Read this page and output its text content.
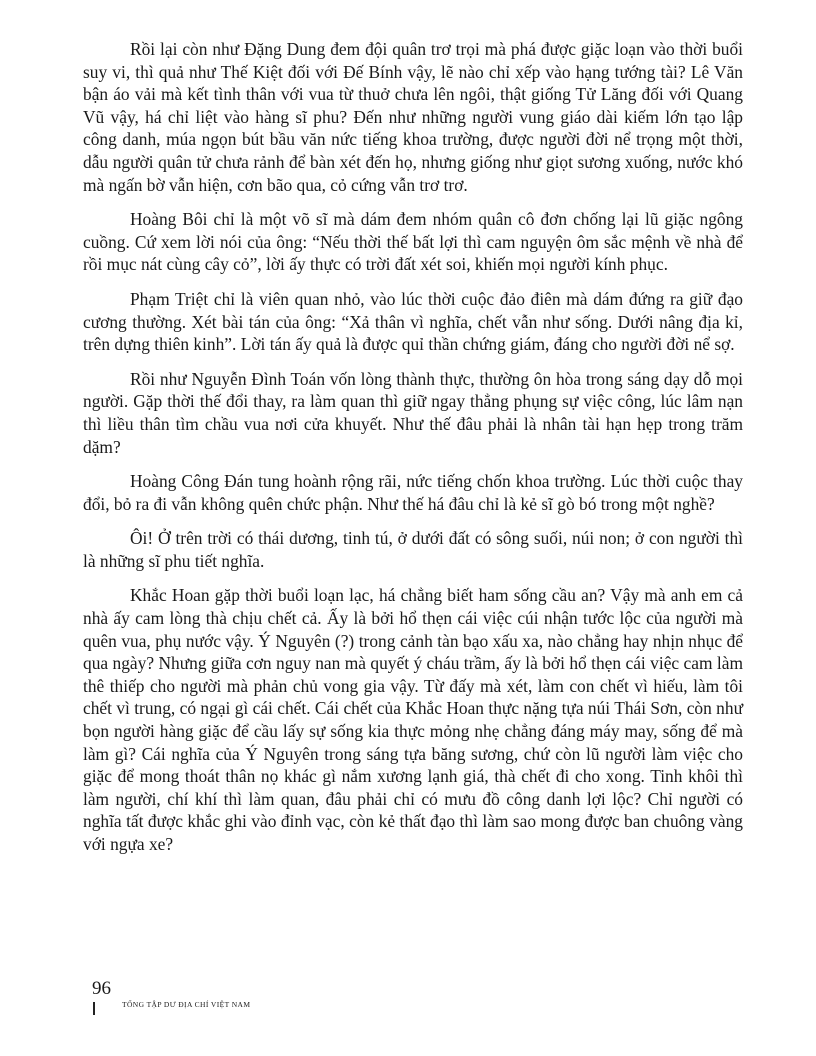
Rồi lại còn như Đặng Dung đem đội quân trơ trọi mà phá được giặc loạn vào thời buổi suy vi, thì quả như Thế Kiệt đối với Đế Bính vậy, lẽ nào chỉ xếp vào hạng tướng tài? Lê Văn bận áo vải mà kết tình thân với vua từ thuở chưa lên ngôi, thật giống Tử Lăng đối với Quang Vũ vậy, há chỉ liệt vào hàng sĩ phu? Đến như những người vung giáo dài kiếm lớn tạo lập công danh, múa ngọn bút bầu văn nức tiếng khoa trường, được người đời nể trọng một thời, dẫu người quân tử chưa rảnh để bàn xét đến họ, nhưng giống như giọt sương xuống, nước khó mà ngấn bờ vẫn hiện, cơn bão qua, cỏ cứng vẫn trơ trơ.

Hoàng Bôi chỉ là một võ sĩ mà dám đem nhóm quân cô đơn chống lại lũ giặc ngông cuồng. Cứ xem lời nói của ông: “Nếu thời thế bất lợi thì cam nguyện ôm sắc mệnh về nhà để rồi mục nát cùng cây cỏ”, lời ấy thực có trời đất xét soi, khiến mọi người kính phục.

Phạm Triệt chỉ là viên quan nhỏ, vào lúc thời cuộc đảo điên mà dám đứng ra giữ đạo cương thường. Xét bài tán của ông: “Xả thân vì nghĩa, chết vẫn như sống. Dưới nâng địa kỉ, trên dựng thiên kinh”. Lời tán ấy quả là được quỉ thần chứng giám, đáng cho người đời nể sợ.

Rồi như Nguyễn Đình Toán vốn lòng thành thực, thường ôn hòa trong sáng dạy dỗ mọi người. Gặp thời thế đổi thay, ra làm quan thì giữ ngay thẳng phụng sự việc công, lúc lâm nạn thì liều thân tìm chầu vua nơi cửa khuyết. Như thế đâu phải là nhân tài hạn hẹp trong trăm dặm?

Hoàng Công Đán tung hoành rộng rãi, nức tiếng chốn khoa trường. Lúc thời cuộc thay đổi, bỏ ra đi vẫn không quên chức phận. Như thế há đâu chỉ là kẻ sĩ gò bó trong một nghề?

Ôi! Ở trên trời có thái dương, tinh tú, ở dưới đất có sông suối, núi non; ở con người thì là những sĩ phu tiết nghĩa.

Khắc Hoan gặp thời buổi loạn lạc, há chẳng biết ham sống cầu an? Vậy mà anh em cả nhà ấy cam lòng thà chịu chết cả. Ấy là bởi hổ thẹn cái việc cúi nhận tước lộc của người mà quên vua, phụ nước vậy. Ý Nguyên (?) trong cảnh tàn bạo xấu xa, nào chẳng hay nhịn nhục để qua ngày? Nhưng giữa cơn nguy nan mà quyết ý cháu trầm, ấy là bởi hổ thẹn cái việc cam làm thê thiếp cho người mà phản chủ vong gia vậy. Từ đấy mà xét, làm con chết vì hiếu, làm tôi chết vì trung, có ngại gì cái chết. Cái chết của Khắc Hoan thực nặng tựa núi Thái Sơn, còn như bọn người hàng giặc để cầu lấy sự sống kia thực mỏng nhẹ chẳng đáng máy may, sống để mà làm gì? Cái nghĩa của Ý Nguyên trong sáng tựa băng sương, chứ còn lũ người làm việc cho giặc để mong thoát thân nọ khác gì nắm xương lạnh giá, thà chết đi cho xong. Tinh khôi thì làm người, chí khí thì làm quan, đâu phải chỉ có mưu đồ công danh lợi lộc? Chỉ người có nghĩa tất được khắc ghi vào đỉnh vạc, còn kẻ thất đạo thì làm sao mong được ban chuông vàng với ngựa xe?

96
TỔNG TẬP DƯ ĐỊA CHÍ VIỆT NAM
